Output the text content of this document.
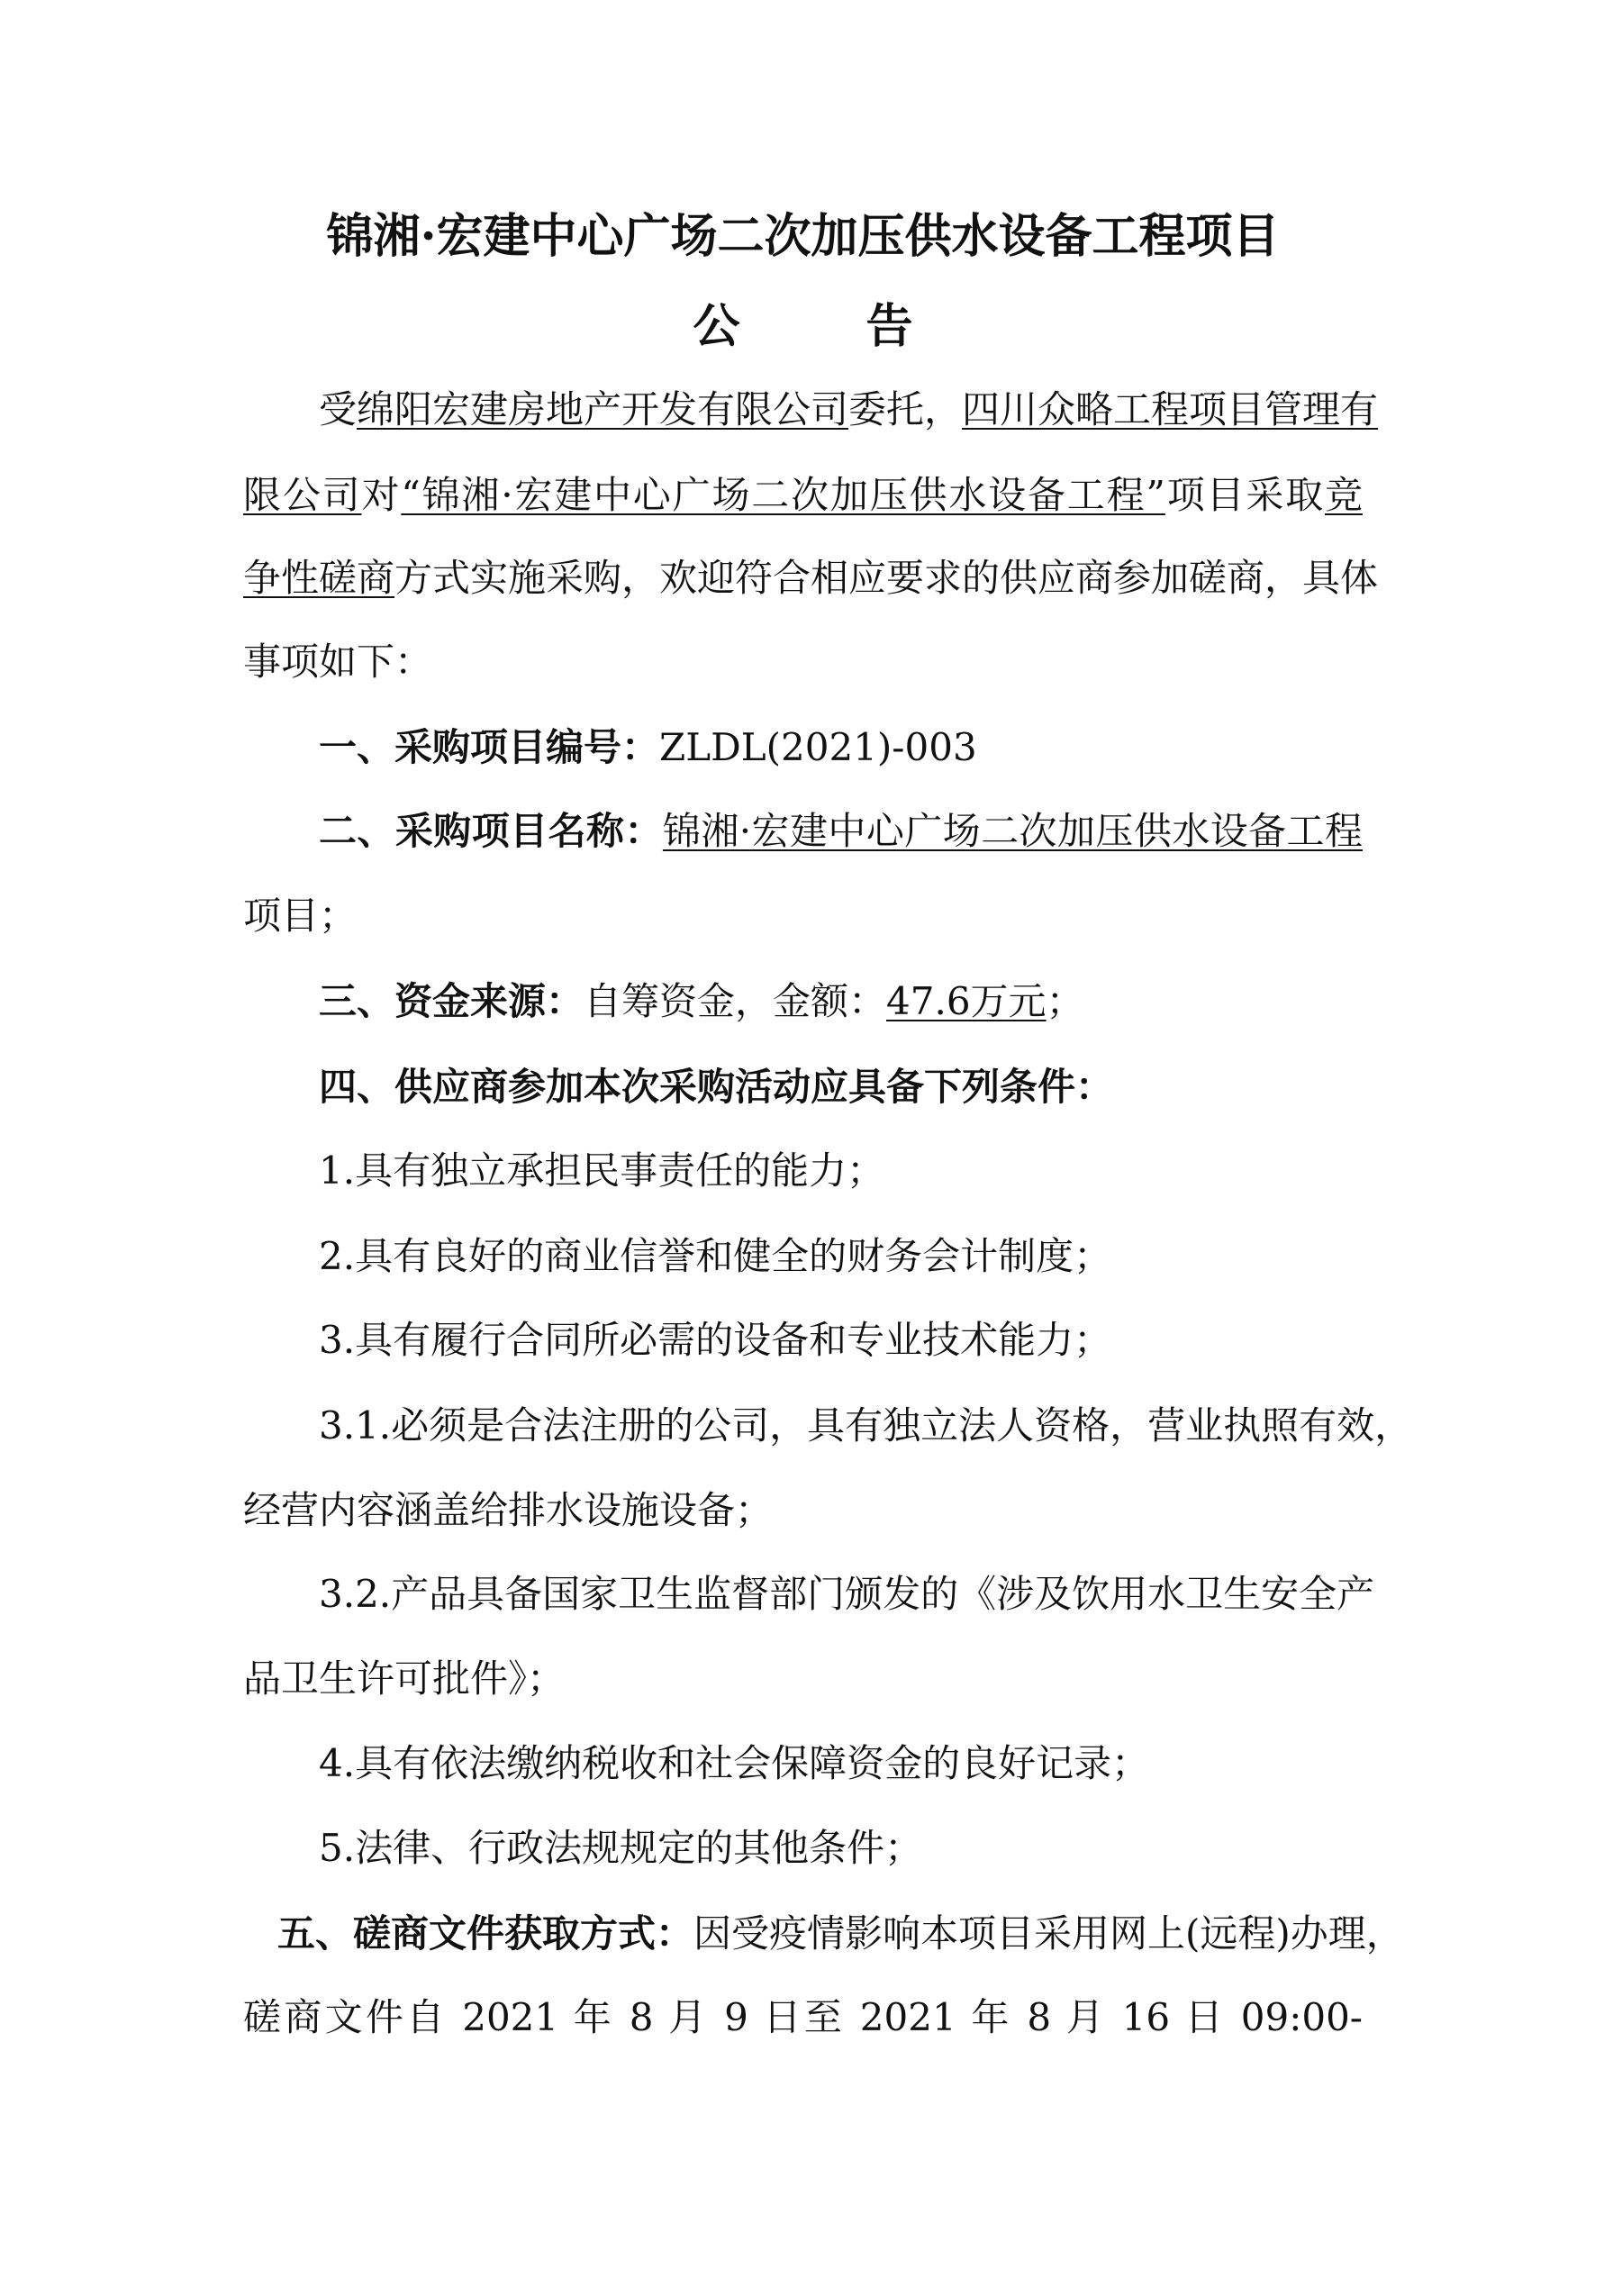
锦湘·宏建中心广场二次加压供水设备工程项目
公告
受绵阳宏建房地产开发有限公司委托，四川众略工程项目管理有
限公司对“锦湘·宏建中心广场二次加压供水设备工程”项目采取竞
争性磋商方式实施采购，欢迎符合相应要求的供应商参加磋商，具体
事项如下：
一、采购项目编号：ZLDL(2021)-003
二、采购项目名称：锦湘·宏建中心广场二次加压供水设备工程
项目；
三、资金来源：自筹资金，金额：47.6万元；
四、供应商参加本次采购活动应具备下列条件：
1.具有独立承担民事责任的能力；
2.具有良好的商业信誉和健全的财务会计制度；
3.具有履行合同所必需的设备和专业技术能力；
3.1.必须是合法注册的公司，具有独立法人资格，营业执照有效，
经营内容涵盖给排水设施设备；
3.2.产品具备国家卫生监督部门颁发的《涉及饮用水卫生安全产
品卫生许可批件》；
4.具有依法缴纳税收和社会保障资金的良好记录；
5.法律、行政法规规定的其他条件；
五、磋商文件获取方式：因受疫情影响本项目采用网上(远程)办理，
磋商文件自 2021 年 8 月 9 日至 2021 年 8 月 16 日 09:00-
